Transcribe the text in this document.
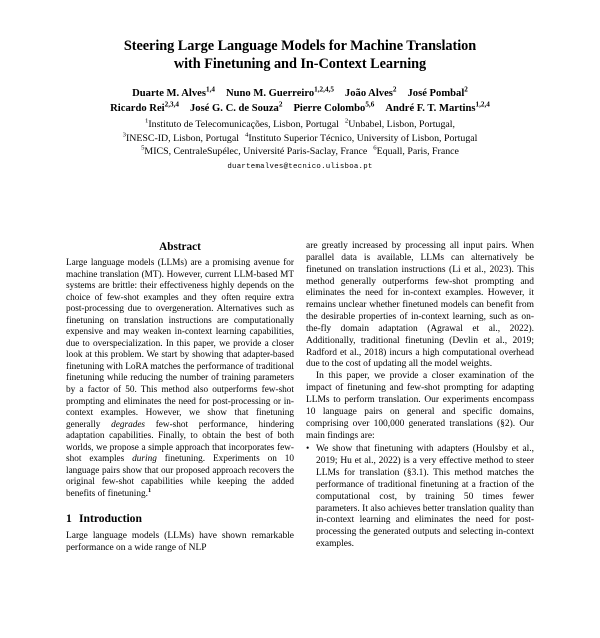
Steering Large Language Models for Machine Translation
with Finetuning and In-Context Learning
Duarte M. Alves$^{1,4}$ Nuno M. Guerreiro$^{1,2,4,5}$ João Alves$^2$ José Pombal$^2$
Ricardo Rei$^{2,3,4}$ José G. C. de Souza$^2$ Pierre Colombo$^{5,6}$ André F. T. Martins$^{1,2,4}$
$^1$Instituto de Telecomunicações, Lisbon, Portugal $^2$Unbabel, Lisbon, Portugal,
$^3$INESC-ID, Lisbon, Portugal $^4$Instituto Superior Técnico, University of Lisbon, Portugal
$^5$MICS, CentraleSupélec, Université Paris-Saclay, France $^6$Equall, Paris, France
duartemalves@tecnico.ulisboa.pt
Abstract

Large language models (LLMs) are a promising avenue for machine translation (MT). However, current LLM-based MT systems are brittle: their effectiveness highly depends on the choice of few-shot examples and they often require extra post-processing due to overgeneration. Alternatives such as finetuning on translation instructions are computationally expensive and may weaken in-context learning capabilities, due to overspecialization. In this paper, we provide a closer look at this problem. We start by showing that adapter-based finetuning with LoRA matches the performance of traditional finetuning while reducing the number of training parameters by a factor of 50. This method also outperforms few-shot prompting and eliminates the need for post-processing or in-context examples. However, we show that finetuning generally degrades few-shot performance, hindering adaptation capabilities. Finally, to obtain the best of both worlds, we propose a simple approach that incorporates few-shot examples during finetuning. Experiments on 10 language pairs show that our proposed approach recovers the original few-shot capabilities while keeping the added benefits of finetuning.$^1$

1 Introduction

Large language models (LLMs) have shown remarkable performance on a wide range of NLP

are greatly increased by processing all input pairs. When parallel data is available, LLMs can alternatively be finetuned on translation instructions (Li et al., 2023). This method generally outperforms few-shot prompting and eliminates the need for in-context examples. However, it remains unclear whether finetuned models can benefit from the desirable properties of in-context learning, such as on-the-fly domain adaptation (Agrawal et al., 2022). Additionally, traditional finetuning (Devlin et al., 2019; Radford et al., 2018) incurs a high computational overhead due to the cost of updating all the model weights.

In this paper, we provide a closer examination of the impact of finetuning and few-shot prompting for adapting LLMs to perform translation. Our experiments encompass 10 language pairs on general and specific domains, comprising over 100,000 generated translations (§2). Our main findings are:

• We show that finetuning with adapters (Houlsby et al., 2019; Hu et al., 2022) is a very effective method to steer LLMs for translation (§3.1). This method matches the performance of traditional finetuning at a fraction of the computational cost, by training 50 times fewer parameters. It also achieves better translation quality than in-context learning and eliminates the need for post-processing the generated outputs and selecting in-context examples.
